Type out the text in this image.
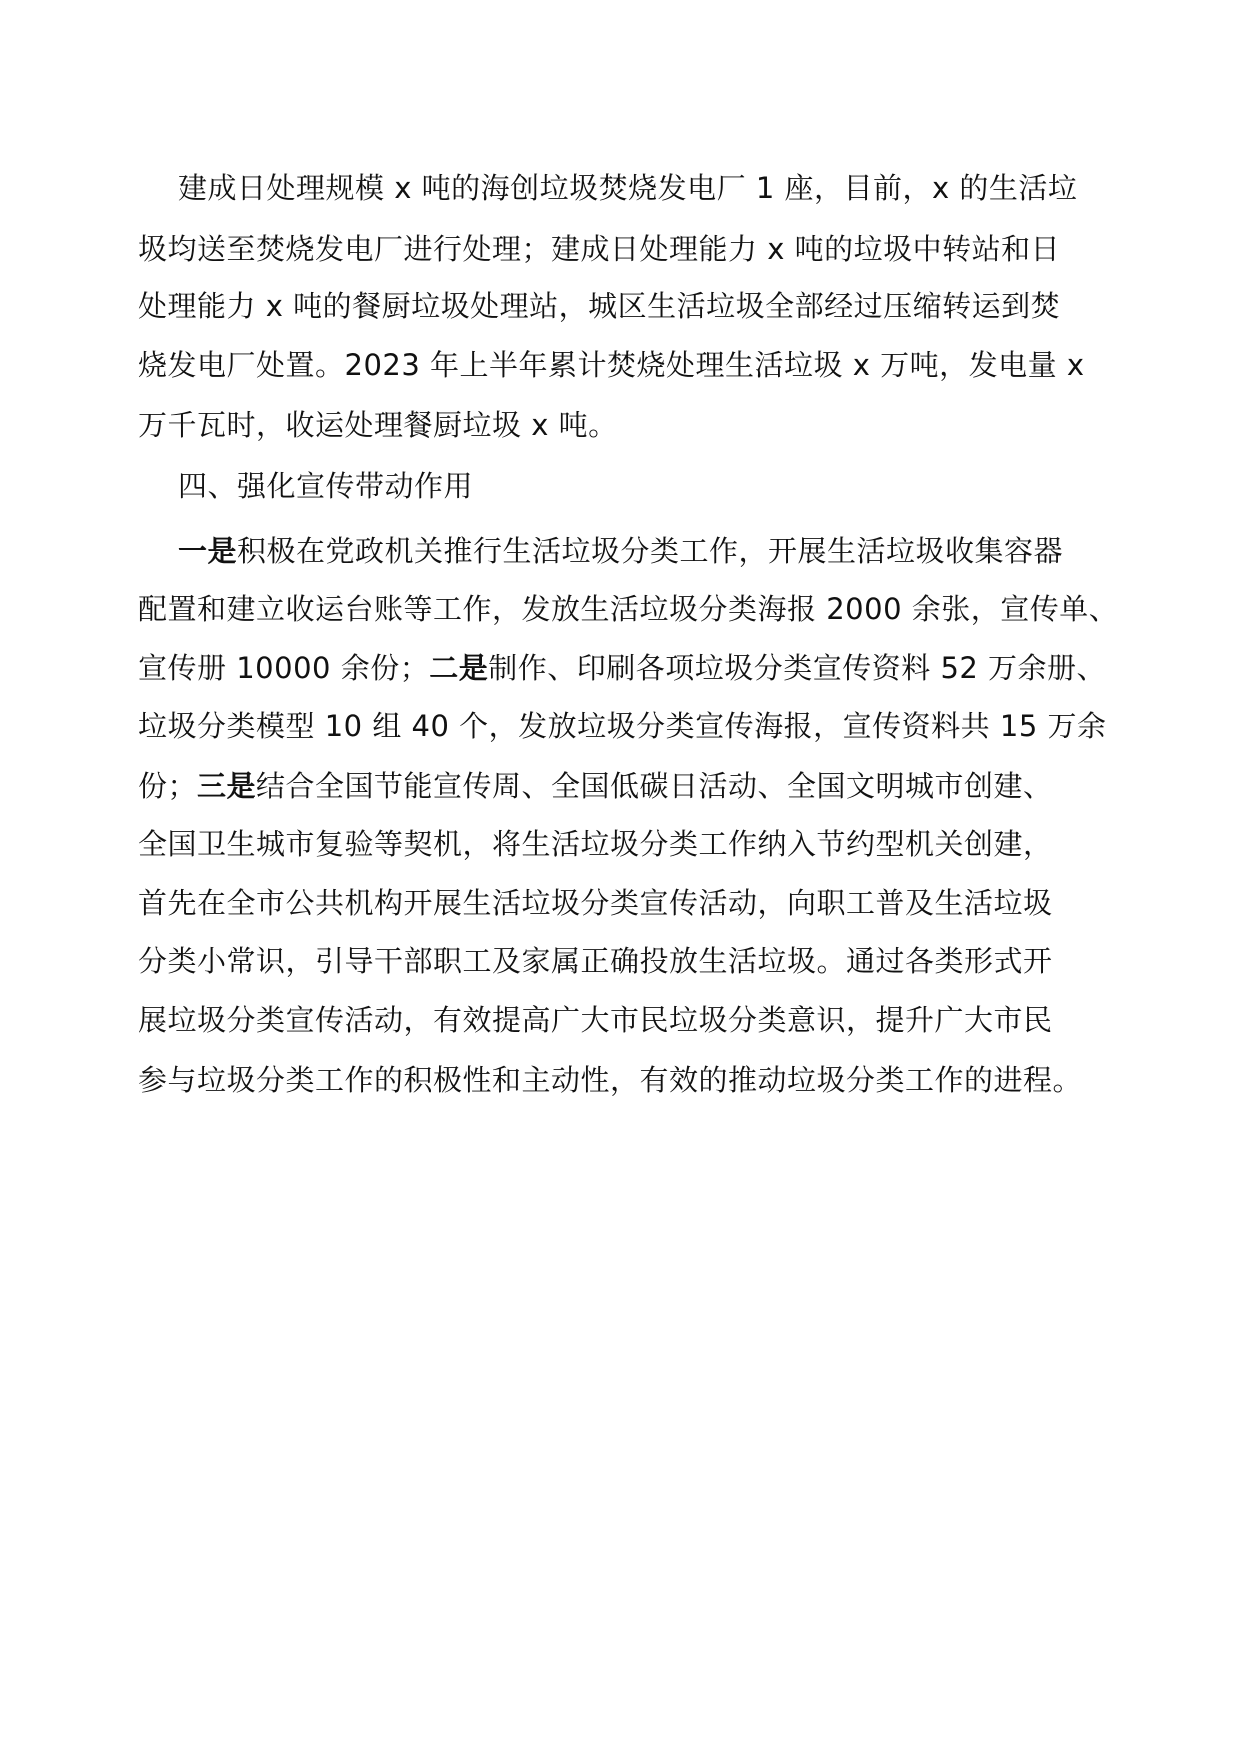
建成日处理规模 x 吨的海创垃圾焚烧发电厂 1 座，目前，x 的生活垃
圾均送至焚烧发电厂进行处理；建成日处理能力 x 吨的垃圾中转站和日
处理能力 x 吨的餐厨垃圾处理站，城区生活垃圾全部经过压缩转运到焚
烧发电厂处置。2023 年上半年累计焚烧处理生活垃圾 x 万吨，发电量 x
万千瓦时，收运处理餐厨垃圾 x 吨。
四、强化宣传带动作用
一是积极在党政机关推行生活垃圾分类工作，开展生活垃圾收集容器
配置和建立收运台账等工作，发放生活垃圾分类海报 2000 余张，宣传单、
宣传册 10000 余份；二是制作、印刷各项垃圾分类宣传资料 52 万余册、
垃圾分类模型 10 组 40 个，发放垃圾分类宣传海报，宣传资料共 15 万余
份；三是结合全国节能宣传周、全国低碳日活动、全国文明城市创建、
全国卫生城市复验等契机，将生活垃圾分类工作纳入节约型机关创建，
首先在全市公共机构开展生活垃圾分类宣传活动，向职工普及生活垃圾
分类小常识，引导干部职工及家属正确投放生活垃圾。通过各类形式开
展垃圾分类宣传活动，有效提高广大市民垃圾分类意识，提升广大市民
参与垃圾分类工作的积极性和主动性，有效的推动垃圾分类工作的进程。
